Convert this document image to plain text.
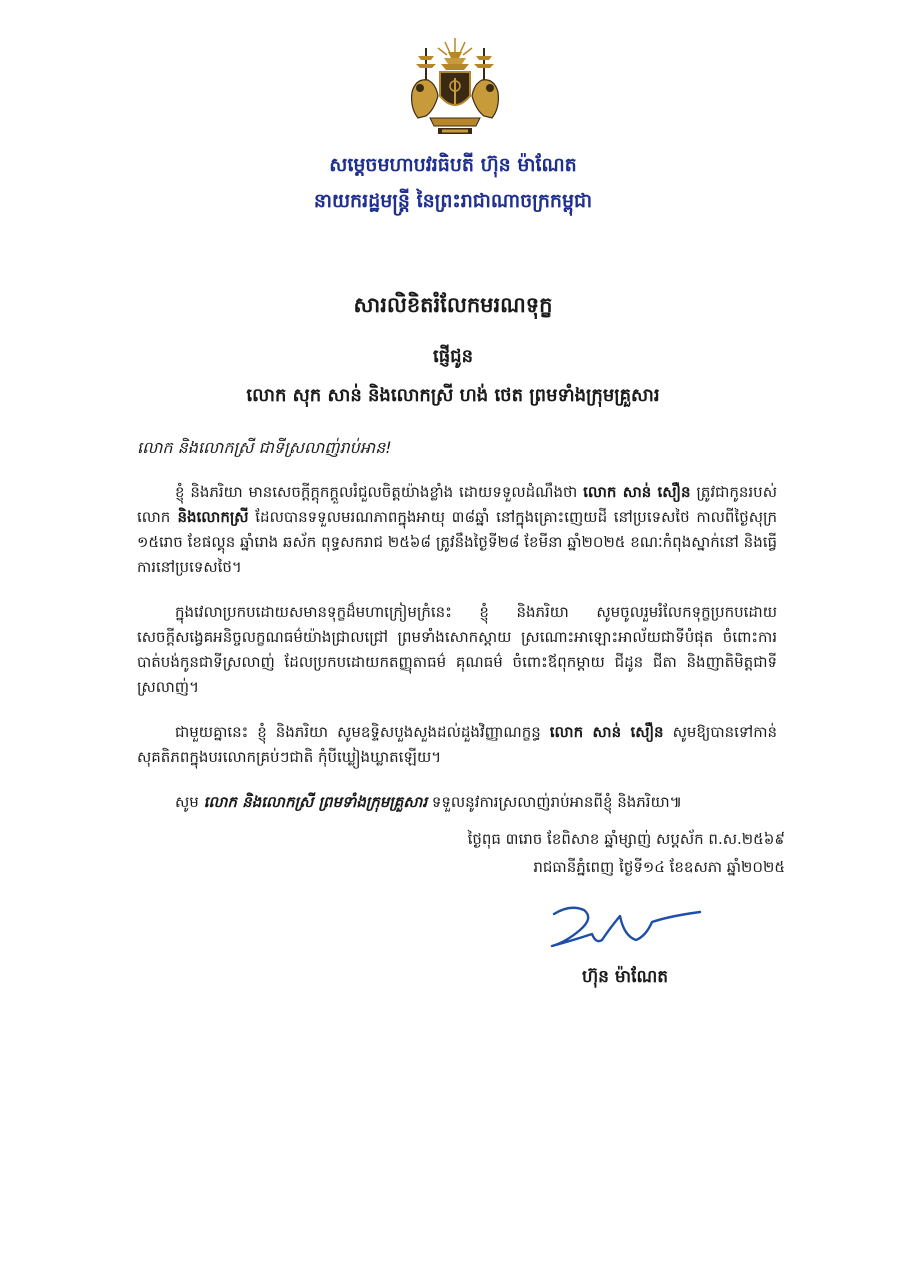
សម្តេចមហាបវរធិបតី ហ៊ុន ម៉ាណែត
នាយករដ្ឋមន្ត្រី នៃព្រះរាជាណាចក្រកម្ពុជា
សារលិខិតរំលែកមរណទុក្ខ
ផ្ញើជូន
លោក សុក សាន់ និងលោកស្រី ហង់ ថេត ព្រមទាំងក្រុមគ្រួសារ
លោក និងលោកស្រី ជាទីស្រលាញ់រាប់អាន!
ខ្ញុំ និងភរិយា មានសេចក្តីក្តុកក្តួលរំជួលចិត្តយ៉ាងខ្លាំង ដោយទទួលដំណឹងថា លោក សាន់ សឿន ត្រូវជាកូនរបស់ លោក និងលោកស្រី ដែលបានទទួលមរណភាពក្នុងអាយុ ៣៨ឆ្នាំ នៅក្នុងគ្រោះញេយដី នៅប្រទេសថៃ កាលពីថ្ងៃសុក្រ ១៥រោច ខែផល្គុន ឆ្នាំរោង ឆស័ក ពុទ្ធសករាជ ២៥៦៨ ត្រូវនឹងថ្ងៃទី២៨ ខែមីនា ឆ្នាំ២០២៥ ខណៈកំពុងស្នាក់នៅ និងធ្វើការនៅប្រទេសថៃ។
ក្នុងវេលាប្រកបដោយសមានទុក្ខដ៏មហាក្រៀមក្រំនេះ ខ្ញុំ និងភរិយា សូមចូលរួមរំលែកទុក្ខប្រកបដោយសេចក្តីសង្វេគអនិច្ចលក្ខណធម៌យ៉ាងជ្រាលជ្រៅ ព្រមទាំងសោកស្តាយ ស្រណោះអាឡោះអាល័យជាទីបំផុត ចំពោះការបាត់បង់កូនជាទីស្រលាញ់ ដែលប្រកបដោយកតញ្ញុតាធម៌ គុណធម៌ ចំពោះឪពុកម្តាយ ជីដូន ជីតា និងញាតិមិត្តជាទីស្រលាញ់។
ជាមួយគ្នានេះ ខ្ញុំ និងភរិយា សូមឧទ្ទិសបួងសួងដល់ដួងវិញ្ញាណក្ខន្ធ លោក សាន់ សឿន សូមឱ្យបានទៅកាន់សុគតិភពក្នុងបរលោកគ្រប់ៗជាតិ កុំបីឃ្លៀងឃ្លាតឡើយ។
សូម លោក និងលោកស្រី ព្រមទាំងក្រុមគ្រួសារ ទទួលនូវការស្រលាញ់រាប់អានពីខ្ញុំ និងភរិយា៕
ថ្ងៃពុធ ៣រោច ខែពិសាខ ឆ្នាំម្សាញ់ សប្តស័ក ព.ស.២៥៦៩
រាជធានីភ្នំពេញ ថ្ងៃទី១៤ ខែឧសភា ឆ្នាំ២០២៥
ហ៊ុន ម៉ាណែត
